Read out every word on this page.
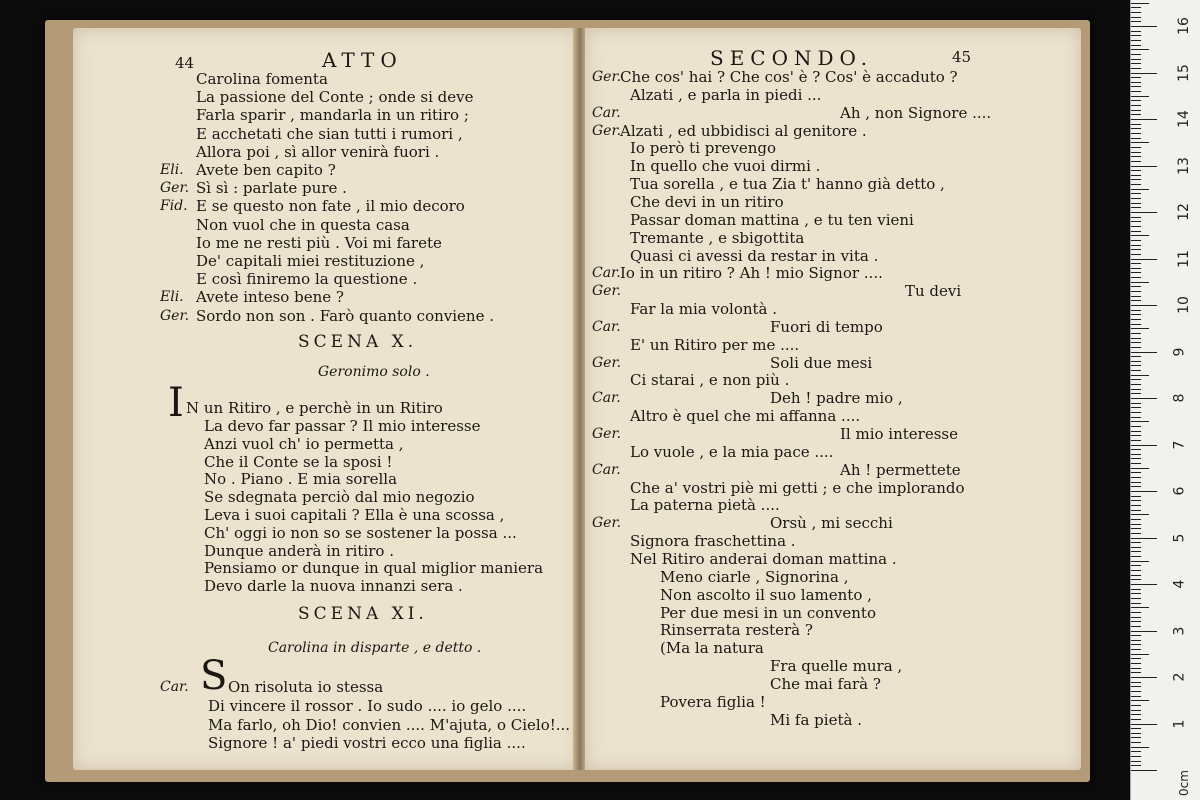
44	ATTO
Carolina fomenta
La passione del Conte ; onde si deve
Farla sparir , mandarla in un ritiro ;
E acchetati che sian tutti i rumori ,
Allora poi , sì allor venirà fuori .
Eli. Avete ben capito ?
Ger. Sì sì : parlate pure .
Fid. E se questo non fate , il mio decoro
Non vuol che in questa casa
Io me ne resti più . Voi mi farete
De' capitali miei restituzione ,
E così finiremo la questione .
Eli. Avete inteso bene ?
Ger. Sordo non son . Farò quanto conviene .
SCENA X.
Geronimo solo .
I N un Ritiro , e perchè in un Ritiro
La devo far passar ? Il mio interesse
Anzi vuol ch' io permetta ,
Che il Conte se la sposi !
No . Piano . E mia sorella
Se sdegnata perciò dal mio negozio
Leva i suoi capitali ? Ella è una scossa ,
Ch' oggi io non so se sostener la possa ...
Dunque anderà in ritiro .
Pensiamo or dunque in qual miglior maniera
Devo darle la nuova innanzi sera .
SCENA XI.
Carolina in disparte , e detto .
Car. S On risoluta io stessa
Di vincere il rossor . Io sudo .... io gelo ....
Ma farlo, oh Dio! convien .... M'ajuta, o Cielo!...
Signore ! a' piedi vostri ecco una figlia ....
SECONDO.	45
Ger.
Che cos' hai ? Che cos' è ? Cos' è accaduto ?
Alzati , e parla in piedi ...
Car.	Ah , non Signore ....
Ger.
Alzati , ed ubbidisci al genitore .
Io però ti prevengo
In quello che vuoi dirmi .
Tua sorella , e tua Zia t' hanno già detto ,
Che devi in un ritiro
Passar doman mattina , e tu ten vieni
Tremante , e sbigottita
Quasi ci avessi da restar in vita .
Car. Io in un ritiro ? Ah ! mio Signor ....
Ger.	Tu devi
Far la mia volontà .
Car.	Fuori di tempo
E' un Ritiro per me ....
Ger.	Soli due mesi
Ci starai , e non più .
Car.	Deh ! padre mio ,
Altro è quel che mi affanna ....
Ger.	Il mio interesse
Lo vuole , e la mia pace ....
Car.	Ah ! permettete
Che a' vostri piè mi getti ; e che implorando
La paterna pietà ....
Ger.	Orsù , mi secchi
Signora fraschettina .
Nel Ritiro anderai doman mattina .
Meno ciarle , Signorina ,
Non ascolto il suo lamento ,
Per due mesi in un convento
Rinserrata resterà ?
(Ma la natura
Fra quelle mura ,
Che mai farà ?
Povera figlia !
Mi fa pietà .	1
2
3
4
5
6
7
8
9
10
11
12
13
14
15
16
0cm
